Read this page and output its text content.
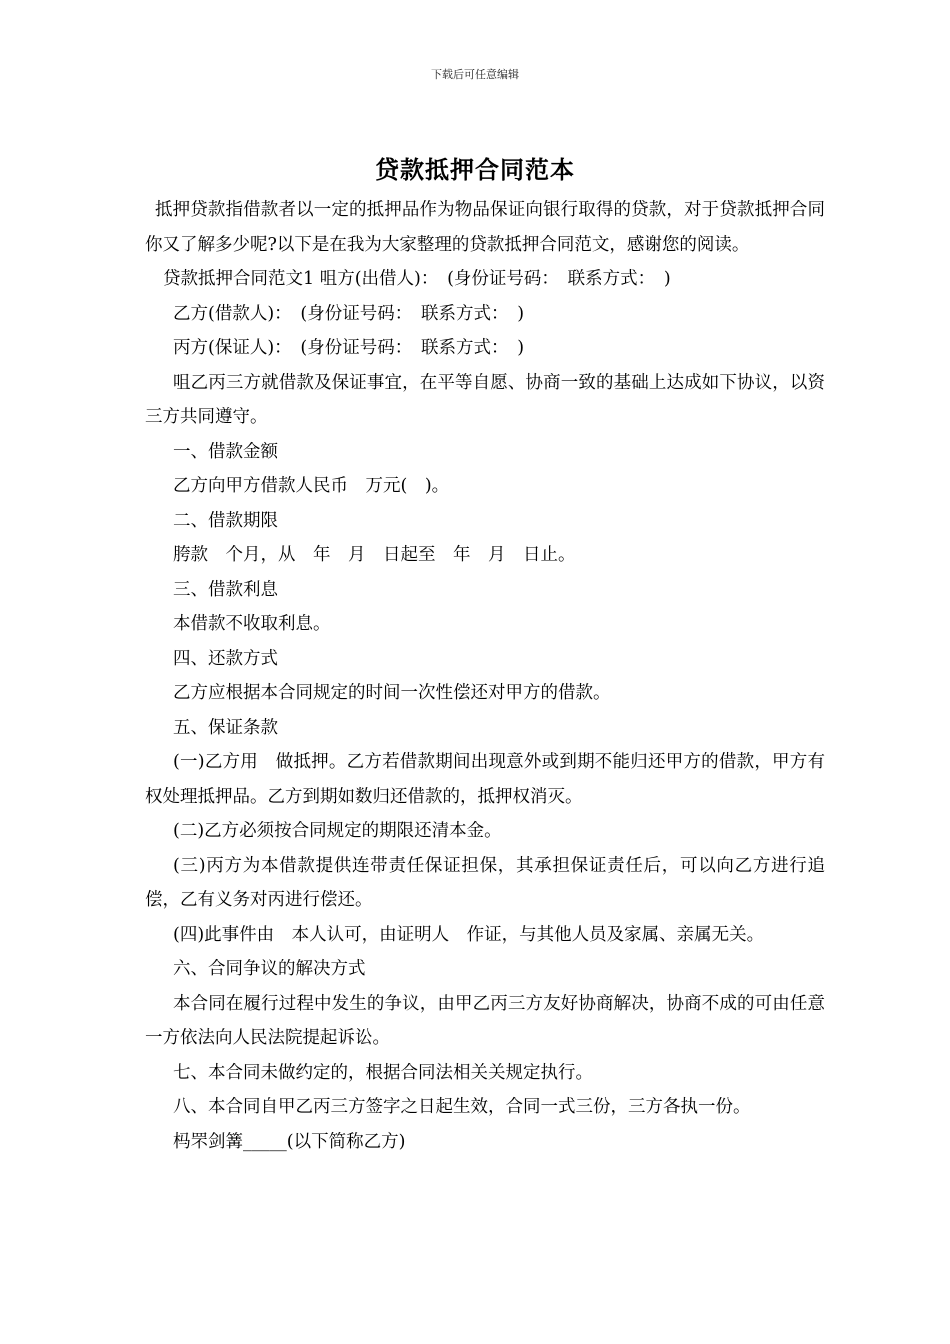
下载后可任意编辑
贷款抵押合同范本

抵押贷款指借款者以一定的抵押品作为物品保证向银行取得的贷款，对于贷款抵押合同你又了解多少呢?以下是在我为大家整理的贷款抵押合同范文，感谢您的阅读。

贷款抵押合同范文1 咀方(出借人)：　(身份证号码：　联系方式：　)

乙方(借款人)：　(身份证号码：　联系方式：　)

丙方(保证人)：　(身份证号码：　联系方式：　)

咀乙丙三方就借款及保证事宜，在平等自愿、协商一致的基础上达成如下协议，以资三方共同遵守。

一、借款金额

乙方向甲方借款人民币　万元(　)。

二、借款期限

胯款　个月，从　年　月　日起至　年　月　日止。

三、借款利息

本借款不收取利息。

四、还款方式

乙方应根据本合同规定的时间一次性偿还对甲方的借款。

五、保证条款

(一)乙方用　做抵押。乙方若借款期间出现意外或到期不能归还甲方的借款，甲方有权处理抵押品。乙方到期如数归还借款的，抵押权消灭。

(二)乙方必须按合同规定的期限还清本金。

(三)丙方为本借款提供连带责任保证担保，其承担保证责任后，可以向乙方进行追偿，乙有义务对丙进行偿还。

(四)此事件由　本人认可，由证明人　作证，与其他人员及家属、亲属无关。

六、合同争议的解决方式

本合同在履行过程中发生的争议，由甲乙丙三方友好协商解决，协商不成的可由任意一方依法向人民法院提起诉讼。

七、本合同未做约定的，根据合同法相关关规定执行。

八、本合同自甲乙丙三方签字之日起生效，合同一式三份，三方各执一份。

杩罘剑篝_____(以下简称乙方)
